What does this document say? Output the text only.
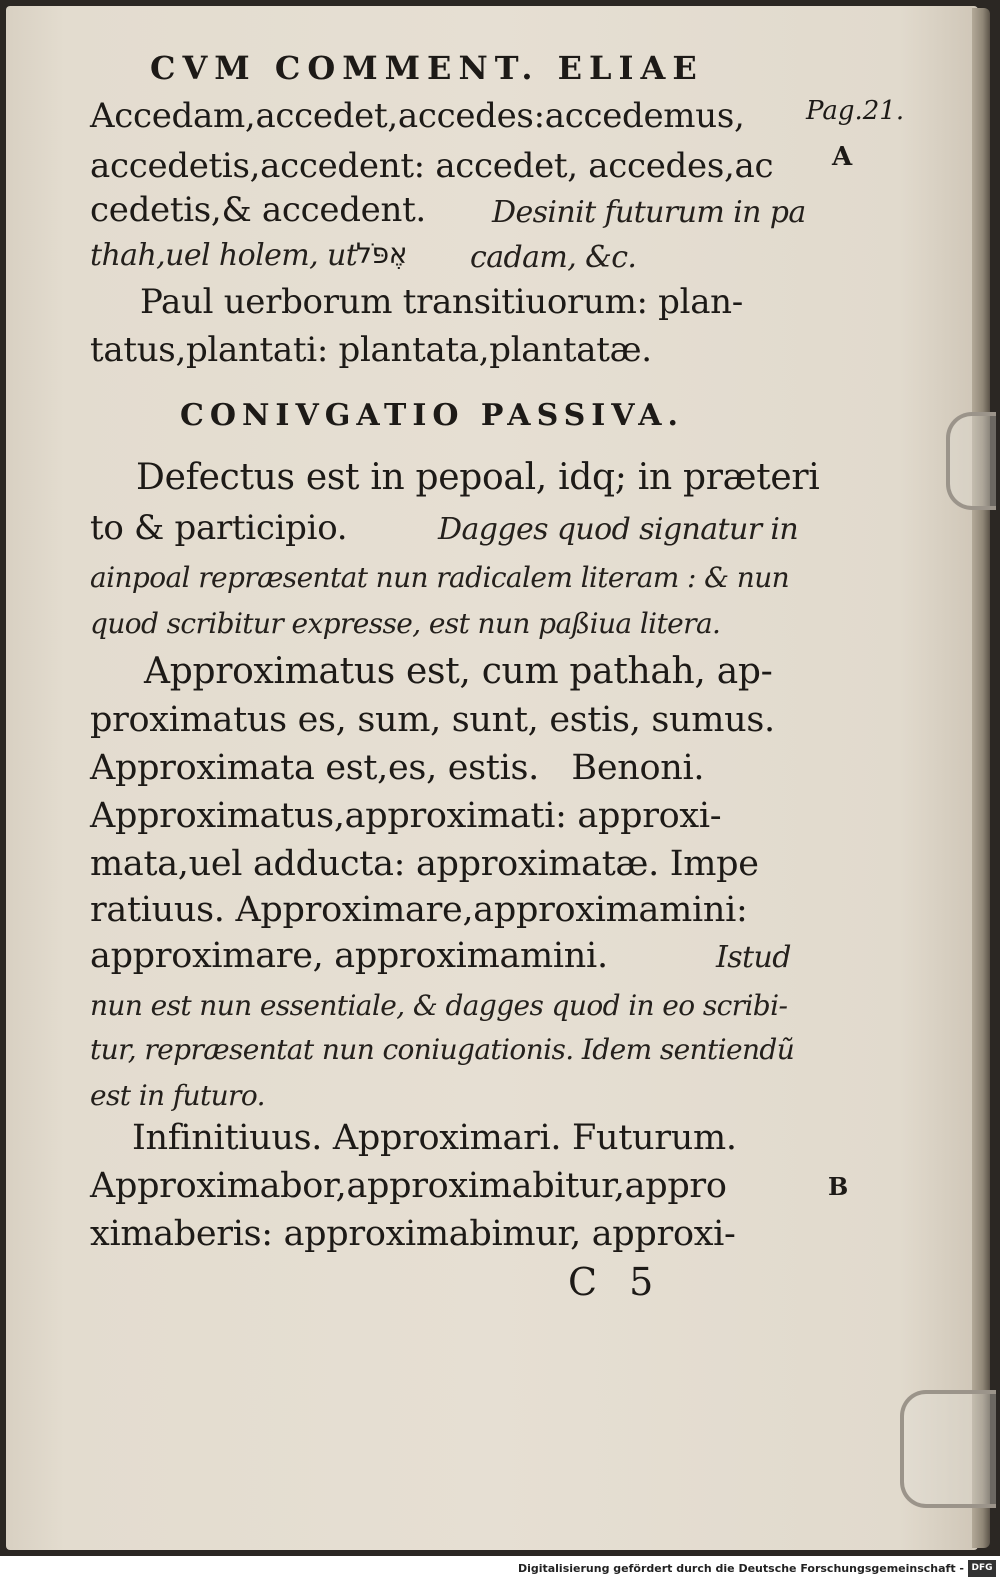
CVM COMMENT. ELIAE
Pag.21.
A
B
Accedam,accedet,accedes:accedemus,
accedetis,accedent: accedet, accedes,ac
cedetis,& accedent. Desinit futurum in pa
thah,uel holem, ut
אֶפֹּל cadam, &c.
Paul uerborum transitiuorum: plan-
tatus,plantati: plantata,plantatæ.
CONIVGATIO PASSIVA.
Defectus est in pepoal, idq; in præteri
to & participio.	Dagges quod signatur in
ainpoal repræsentat nun radicalem literam : & nun
quod scribitur expresse, est nun paßiua litera.
Approximatus est, cum pathah, ap-
proximatus es, sum, sunt, estis, sumus.
Approximata est,es, estis.   Benoni.
Approximatus,approximati: approxi-
mata,uel adducta: approximatæ. Impe
ratiuus. Approximare,approximamini:
approximare, approximamini.	Istud
nun est nun essentiale, & dagges quod in eo scribi-
tur, repræsentat nun coniugationis. Idem sentiendũ
est in futuro.
Infinitiuus. Approximari. Futurum.
Approximabor,approximabitur,appro
ximaberis: approximabimur, approxi-
C 5
Digitalisierung gefördert durch die Deutsche Forschungsgemeinschaft - DFG
